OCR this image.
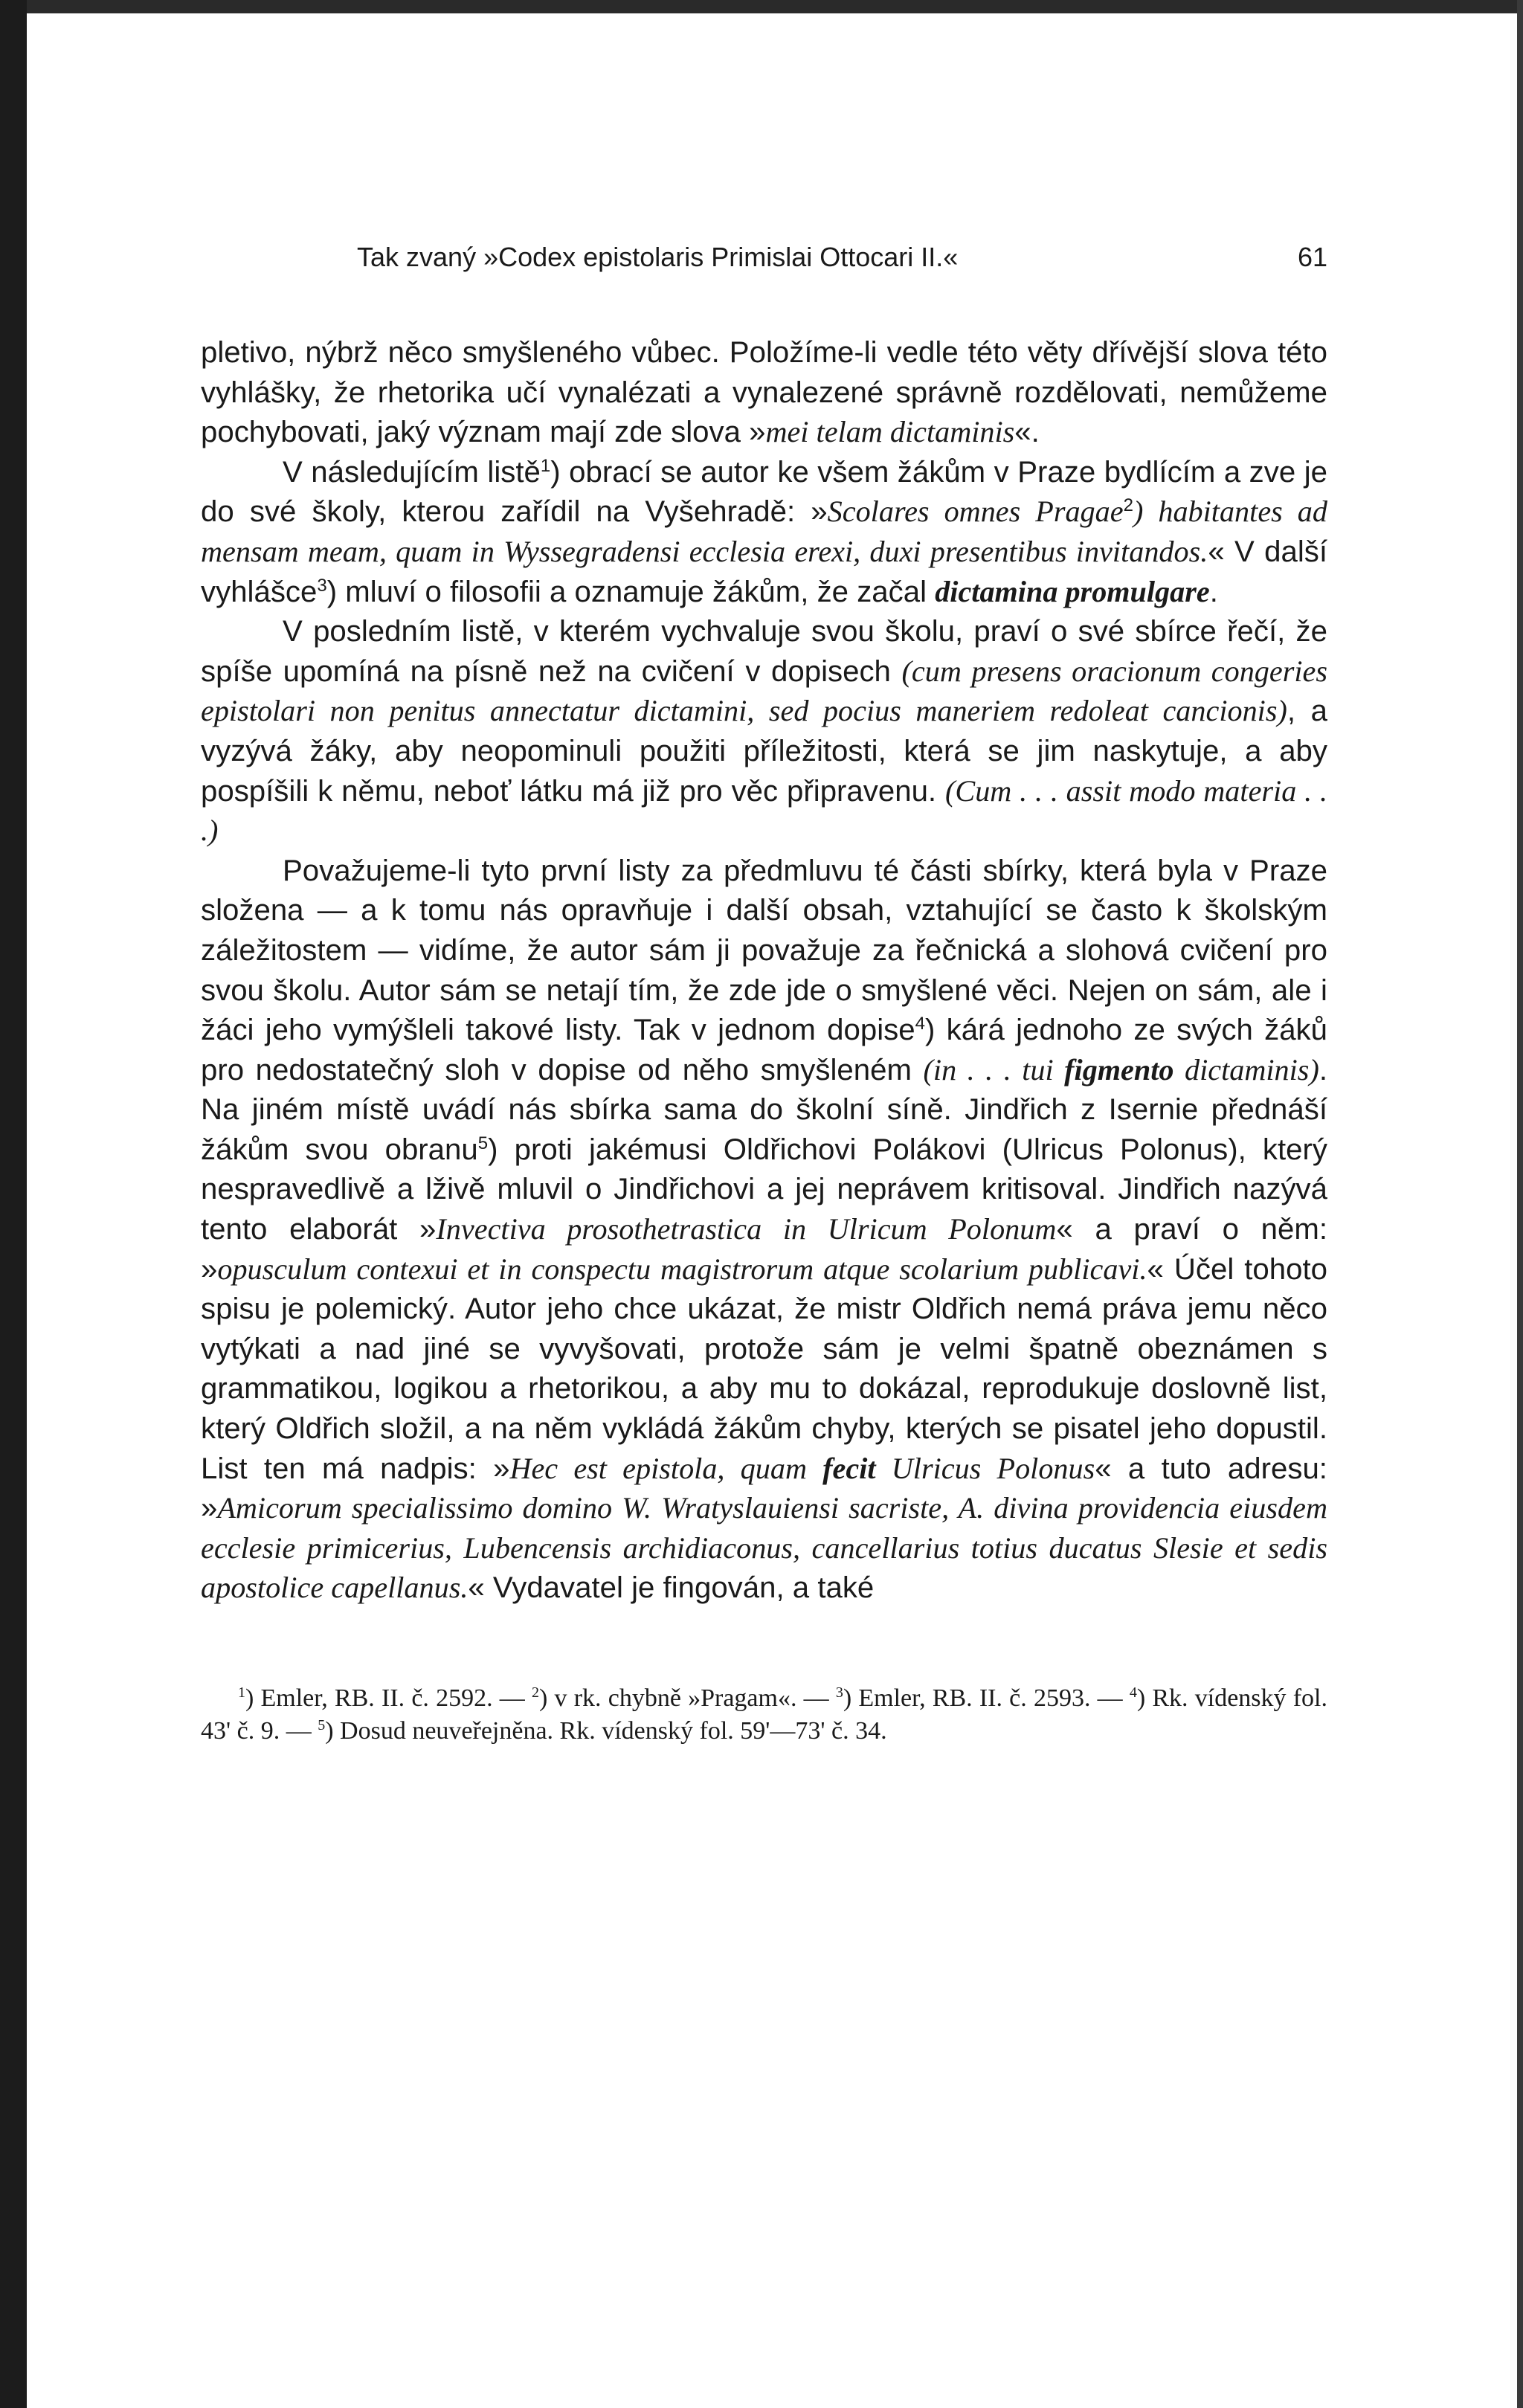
Tak zvaný »Codex epistolaris Primislai Ottocari II.«	61

pletivo, nýbrž něco smyšleného vůbec. Položíme-li vedle této věty dřívější slova této vyhlášky, že rhetorika učí vynalézati a vynalezené správně rozdělovati, nemůžeme pochybovati, jaký význam mají zde slova »mei telam dictaminis«.

V následujícím listě$^1$) obrací se autor ke všem žákům v Praze bydlícím a zve je do své školy, kterou zařídil na Vyšehradě: »Scolares omnes Pragae$^2$) habitantes ad mensam meam, quam in Wyssegradensi ecclesia erexi, duxi presentibus invitandos.« V další vyhlášce$^3$) mluví o filosofii a oznamuje žákům, že začal dictamina promulgare.

V posledním listě, v kterém vychvaluje svou školu, praví o své sbírce řečí, že spíše upomíná na písně než na cvičení v dopisech (cum presens oracionum congeries epistolari non penitus annectatur dictamini, sed pocius maneriem redoleat cancionis), a vyzývá žáky, aby neopominuli použiti příležitosti, která se jim naskytuje, a aby pospíšili k němu, neboť látku má již pro věc připravenu. (Cum . . . assit modo materia . . .)

Považujeme-li tyto první listy za předmluvu té části sbírky, která byla v Praze složena — a k tomu nás opravňuje i další obsah, vztahující se často k školským záležitostem — vidíme, že autor sám ji považuje za řečnická a slohová cvičení pro svou školu. Autor sám se netají tím, že zde jde o smyšlené věci. Nejen on sám, ale i žáci jeho vymýšleli takové listy. Tak v jednom dopise$^4$) kárá jednoho ze svých žáků pro nedostatečný sloh v dopise od něho smyšleném (in . . . tui figmento dictaminis). Na jiném místě uvádí nás sbírka sama do školní síně. Jindřich z Isernie přednáší žákům svou obranu$^5$) proti jakémusi Oldřichovi Polákovi (Ulricus Polonus), který nespravedlivě a lživě mluvil o Jindřichovi a jej neprávem kritisoval. Jindřich nazývá tento elaborát »Invectiva prosothetrastica in Ulricum Polonum« a praví o něm: »opusculum contexui et in conspectu magistrorum atque scolarium publicavi.« Účel tohoto spisu je polemický. Autor jeho chce ukázat, že mistr Oldřich nemá práva jemu něco vytýkati a nad jiné se vyvyšovati, protože sám je velmi špatně obeznámen s grammatikou, logikou a rhetorikou, a aby mu to dokázal, reprodukuje doslovně list, který Oldřich složil, a na něm vykládá žákům chyby, kterých se pisatel jeho dopustil. List ten má nadpis: »Hec est epistola, quam fecit Ulricus Polonus« a tuto adresu: »Amicorum specialissimo domino W. Wratyslauiensi sacriste, A. divina providencia eiusdem ecclesie primicerius, Lubencensis archidiaconus, cancellarius totius ducatus Slesie et sedis apostolice capellanus.« Vydavatel je fingován, a také

$^1$) Emler, RB. II. č. 2592. — $^2$) v rk. chybně »Pragam«. — $^3$) Emler, RB. II. č. 2593. — $^4$) Rk. vídenský fol. 43' č. 9. — $^5$) Dosud neuveřejněna. Rk. vídenský fol. 59'—73' č. 34.
